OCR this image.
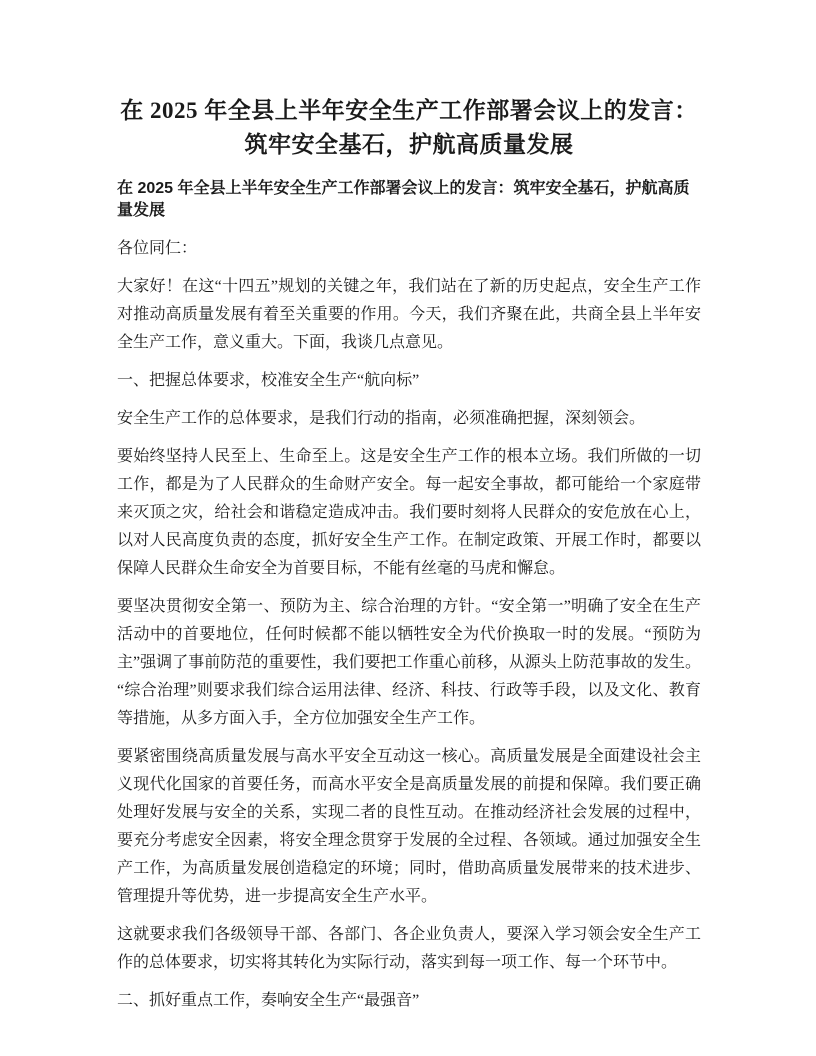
在 2025 年全县上半年安全生产工作部署会议上的发言：筑牢安全基石，护航高质量发展
在 2025 年全县上半年安全生产工作部署会议上的发言：筑牢安全基石，护航高质量发展

各位同仁：

大家好！在这“十四五”规划的关键之年，我们站在了新的历史起点，安全生产工作对推动高质量发展有着至关重要的作用。今天，我们齐聚在此，共商全县上半年安全生产工作，意义重大。下面，我谈几点意见。

一、把握总体要求，校准安全生产“航向标”

安全生产工作的总体要求，是我们行动的指南，必须准确把握，深刻领会。

要始终坚持人民至上、生命至上。这是安全生产工作的根本立场。我们所做的一切工作，都是为了人民群众的生命财产安全。每一起安全事故，都可能给一个家庭带来灭顶之灾，给社会和谐稳定造成冲击。我们要时刻将人民群众的安危放在心上，以对人民高度负责的态度，抓好安全生产工作。在制定政策、开展工作时，都要以保障人民群众生命安全为首要目标，不能有丝毫的马虎和懈怠。

要坚决贯彻安全第一、预防为主、综合治理的方针。“安全第一”明确了安全在生产活动中的首要地位，任何时候都不能以牺牲安全为代价换取一时的发展。“预防为主”强调了事前防范的重要性，我们要把工作重心前移，从源头上防范事故的发生。“综合治理”则要求我们综合运用法律、经济、科技、行政等手段，以及文化、教育等措施，从多方面入手，全方位加强安全生产工作。

要紧密围绕高质量发展与高水平安全互动这一核心。高质量发展是全面建设社会主义现代化国家的首要任务，而高水平安全是高质量发展的前提和保障。我们要正确处理好发展与安全的关系，实现二者的良性互动。在推动经济社会发展的过程中，要充分考虑安全因素，将安全理念贯穿于发展的全过程、各领域。通过加强安全生产工作，为高质量发展创造稳定的环境；同时，借助高质量发展带来的技术进步、管理提升等优势，进一步提高安全生产水平。

这就要求我们各级领导干部、各部门、各企业负责人，要深入学习领会安全生产工作的总体要求，切实将其转化为实际行动，落实到每一项工作、每一个环节中。

二、抓好重点工作，奏响安全生产“最强音”
